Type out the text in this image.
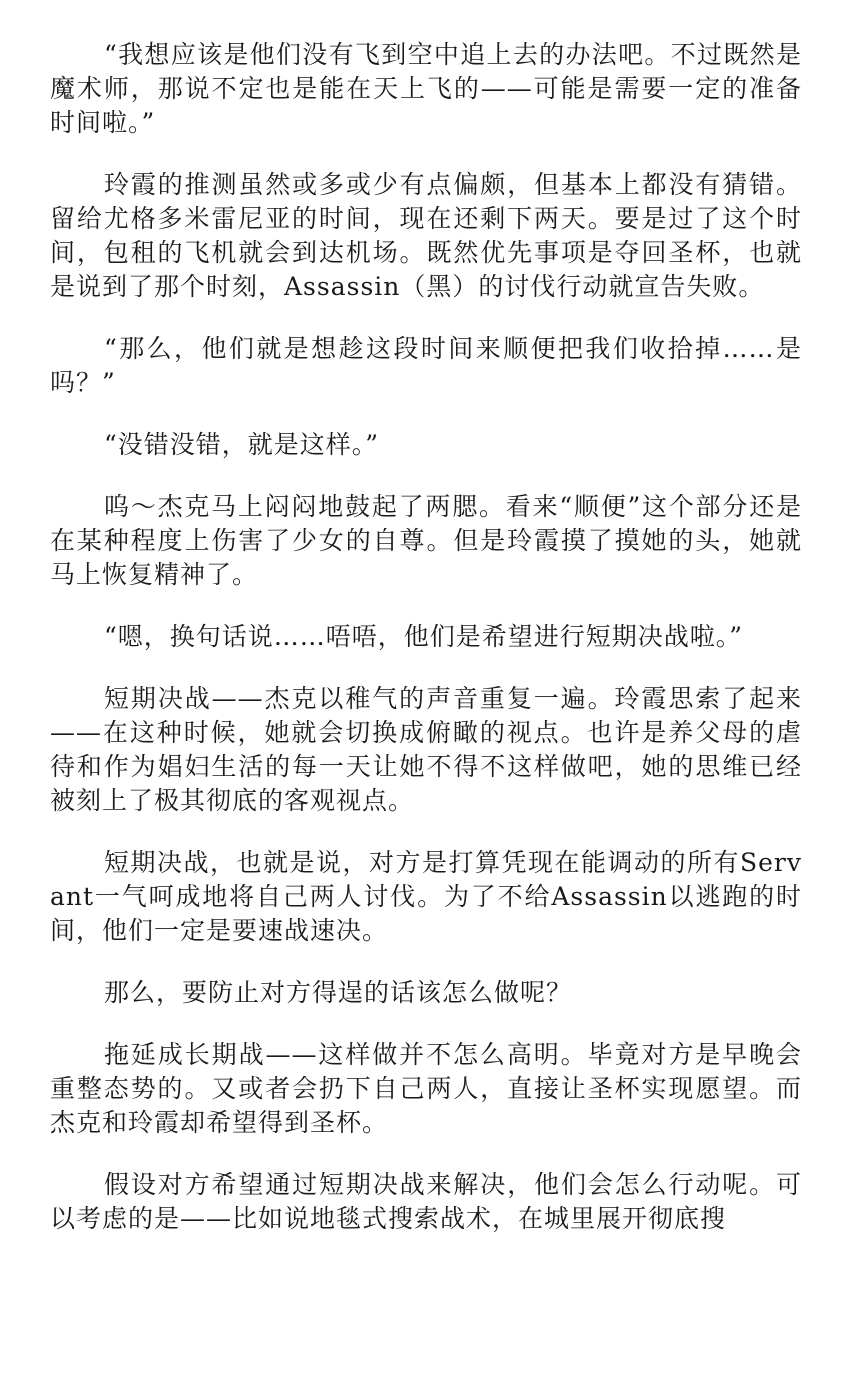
“我想应该是他们没有飞到空中追上去的办法吧。不过既然是魔术师，那说不定也是能在天上飞的——可能是需要一定的准备时间啦。”

玲霞的推测虽然或多或少有点偏颇，但基本上都没有猜错。留给尤格多米雷尼亚的时间，现在还剩下两天。要是过了这个时间，包租的飞机就会到达机场。既然优先事项是夺回圣杯，也就是说到了那个时刻，Assassin（黑）的讨伐行动就宣告失败。

“那么，他们就是想趁这段时间来顺便把我们收拾掉……是吗？”

“没错没错，就是这样。”

呜～杰克马上闷闷地鼓起了两腮。看来“顺便”这个部分还是在某种程度上伤害了少女的自尊。但是玲霞摸了摸她的头，她就马上恢复精神了。

“嗯，换句话说……唔唔，他们是希望进行短期决战啦。”

短期决战——杰克以稚气的声音重复一遍。玲霞思索了起来——在这种时候，她就会切换成俯瞰的视点。也许是养父母的虐待和作为娼妇生活的每一天让她不得不这样做吧，她的思维已经被刻上了极其彻底的客观视点。

短期决战，也就是说，对方是打算凭现在能调动的所有Servant一气呵成地将自己两人讨伐。为了不给Assassin以逃跑的时间，他们一定是要速战速决。

那么，要防止对方得逞的话该怎么做呢？

拖延成长期战——这样做并不怎么高明。毕竟对方是早晚会重整态势的。又或者会扔下自己两人，直接让圣杯实现愿望。而杰克和玲霞却希望得到圣杯。

假设对方希望通过短期决战来解决，他们会怎么行动呢。可以考虑的是——比如说地毯式搜索战术，在城里展开彻底搜
